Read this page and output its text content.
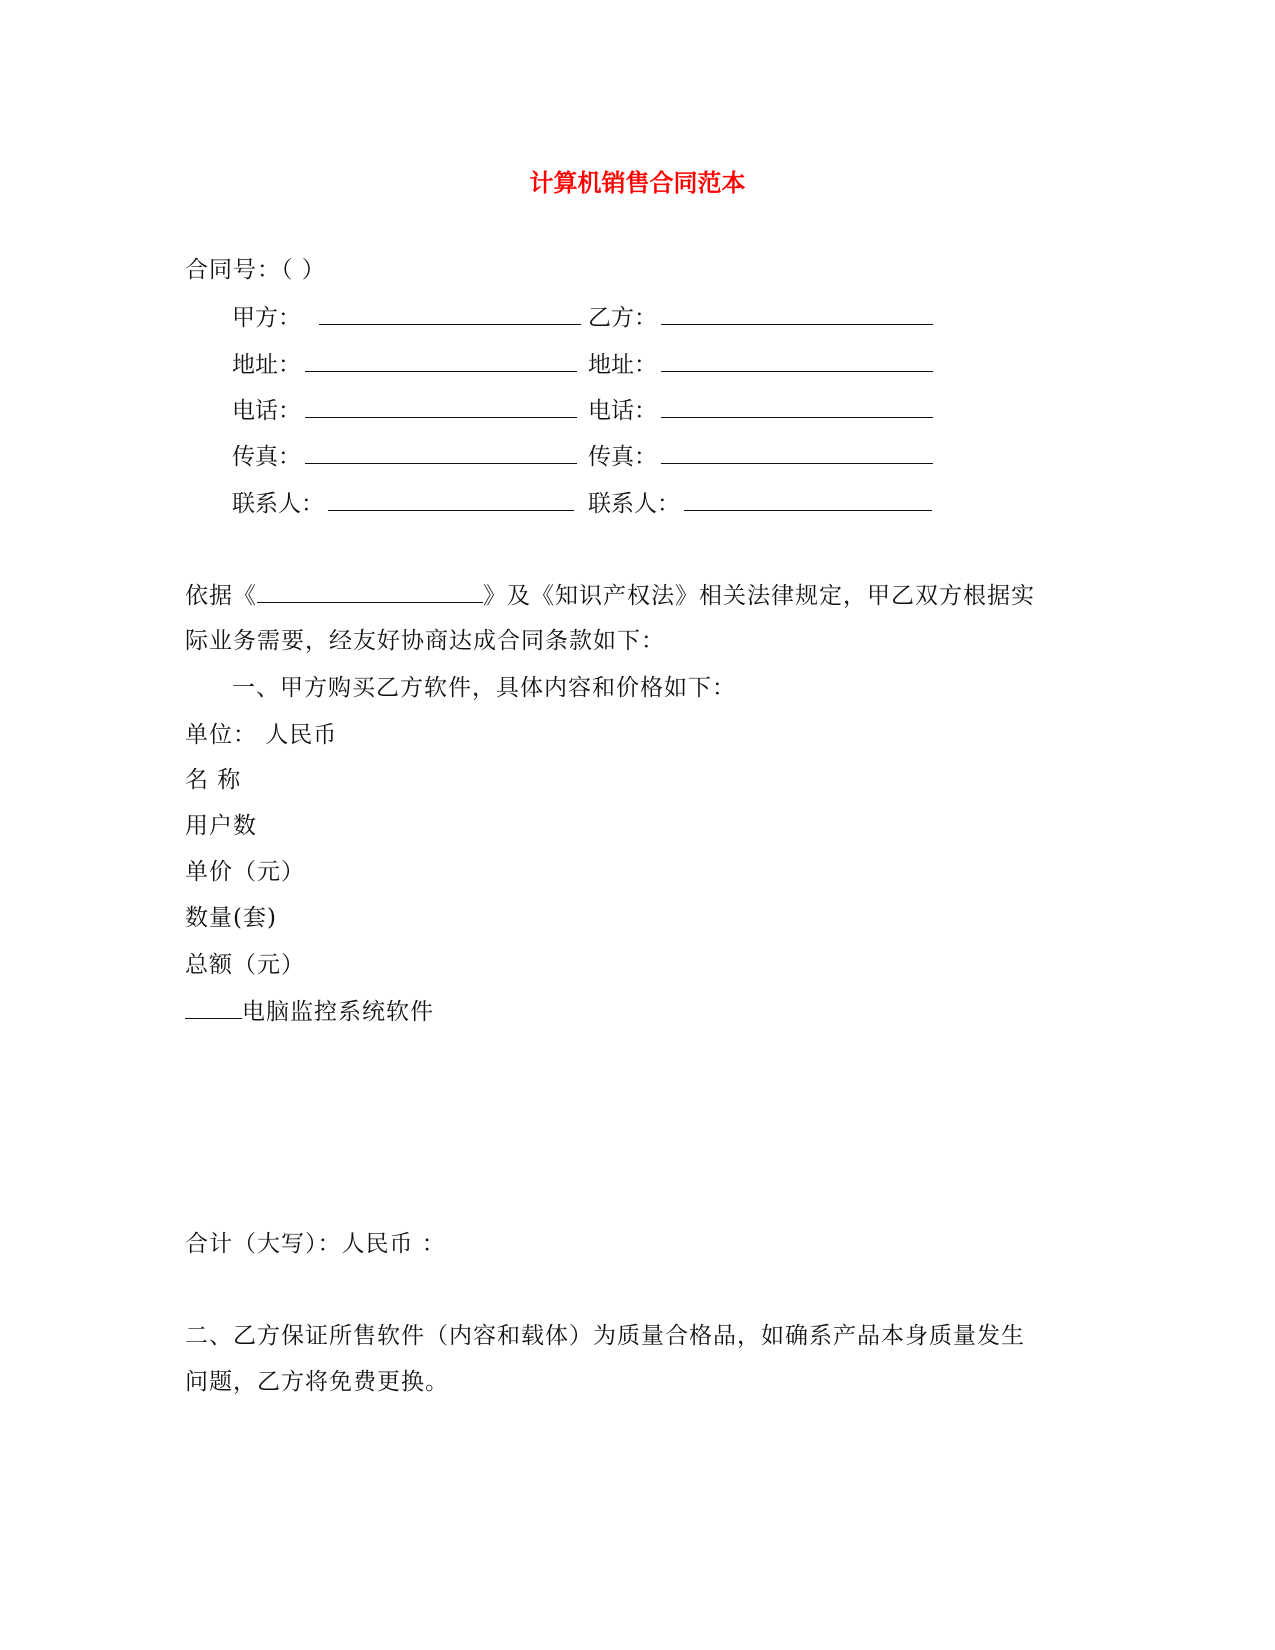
计算机销售合同范本
合同号：（ ）
甲方：	乙方：
地址：	地址：
电话：	电话：
传真：	传真：
联系人：	联系人：
依据《	》及《知识产权法》相关法律规定，甲乙双方根据实
际业务需要，经友好协商达成合同条款如下：
一、甲方购买乙方软件，具体内容和价格如下：
单位： 人民币
名 称
用户数
单价（元）
数量(套)
总额（元）
电脑监控系统软件
合计（大写）：人民币 ：
二、乙方保证所售软件（内容和载体）为质量合格品，如确系产品本身质量发生
问题，乙方将免费更换。
